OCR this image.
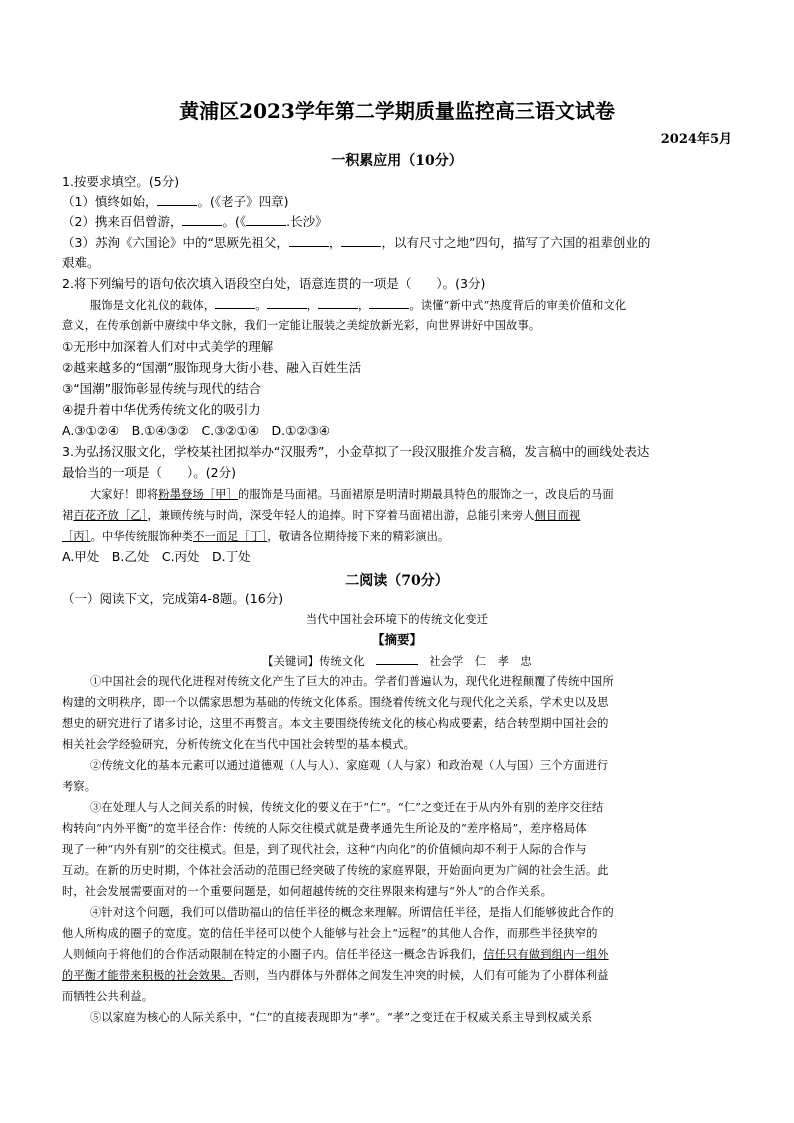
黄浦区2023学年第二学期质量监控高三语文试卷
2024年5月
一积累应用（10分）
1.按要求填空。(5分)
（1）慎终如始，	。(《老子》四章)
（2）携来百侣曾游，	。(《	.长沙》
（3）苏洵《六国论》中的“思厥先祖父，	，	，以有尺寸之地”四句，描写了六国的祖辈创业的
艰难。
2.将下列编号的语句依次填入语段空白处，语意连贯的一项是（　　）。(3分)
服饰是文化礼仪的载体，	。	，	，	。读懂“新中式”热度背后的审美价值和文化
意义，在传承创新中赓续中华文脉，我们一定能让服装之美绽放新光彩，向世界讲好中国故事。
①无形中加深着人们对中式美学的理解
②越来越多的“国潮”服饰现身大街小巷、融入百姓生活
③“国潮”服饰彰显传统与现代的结合
④提升着中华优秀传统文化的吸引力
A.③①②④　B.①④③②　C.③②①④　D.①②③④
3.为弘扬汉服文化，学校某社团拟举办“汉服秀”，小金草拟了一段汉服推介发言稿，发言稿中的画线处表达
最恰当的一项是（　　）。(2分)
大家好！即将粉墨登场［甲］的服饰是马面裙。马面裙原是明清时期最具特色的服饰之一，改良后的马面
裙百花齐放［乙］，兼顾传统与时尚，深受年轻人的追捧。时下穿着马面裙出游，总能引来旁人侧目而视
［丙］。中华传统服饰种类不一而足［丁］，敬请各位期待接下来的精彩演出。
A.甲处　B.乙处　C.丙处　D.丁处
二阅读（70分）
（一）阅读下文，完成第4-8题。(16分)
当代中国社会环境下的传统文化变迁
【摘要】
【关键词】传统文化	社会学　仁　孝　忠
①中国社会的现代化进程对传统文化产生了巨大的冲击。学者们普遍认为，现代化进程颠覆了传统中国所
构建的文明秩序，即一个以儒家思想为基础的传统文化体系。围绕着传统文化与现代化之关系，学术史以及思
想史的研究进行了诸多讨论，这里不再赘言。本文主要围绕传统文化的核心构成要素，结合转型期中国社会的
相关社会学经验研究，分析传统文化在当代中国社会转型的基本模式。
②传统文化的基本元素可以通过道德观（人与人）、家庭观（人与家）和政治观（人与国）三个方面进行
考察。
③在处理人与人之间关系的时候，传统文化的要义在于“仁”。“仁”之变迁在于从内外有别的差序交往结
构转向“内外平衡”的宽半径合作：传统的人际交往模式就是费孝通先生所论及的“差序格局”，差序格局体
现了一种“内外有别”的交往模式。但是，到了现代社会，这种“内向化”的价值倾向却不利于人际的合作与
互动。在新的历史时期，个体社会活动的范围已经突破了传统的家庭界限，开始面向更为广阔的社会生活。此
时，社会发展需要面对的一个重要问题是，如何超越传统的交往界限来构建与“外人”的合作关系。
④针对这个问题，我们可以借助福山的信任半径的概念来理解。所谓信任半径，是指人们能够彼此合作的
他人所构成的圈子的宽度。宽的信任半径可以使个人能够与社会上“远程”的其他人合作，而那些半径狭窄的
人则倾向于将他们的合作活动限制在特定的小圈子内。信任半径这一概念告诉我们，信任只有做到组内一组外
的平衡才能带来积极的社会效果。否则，当内群体与外群体之间发生冲突的时候，人们有可能为了小群体利益
而牺牲公共利益。
⑤以家庭为核心的人际关系中，“仁”的直接表现即为“孝”。“孝”之变迁在于权威关系主导到权威关系
